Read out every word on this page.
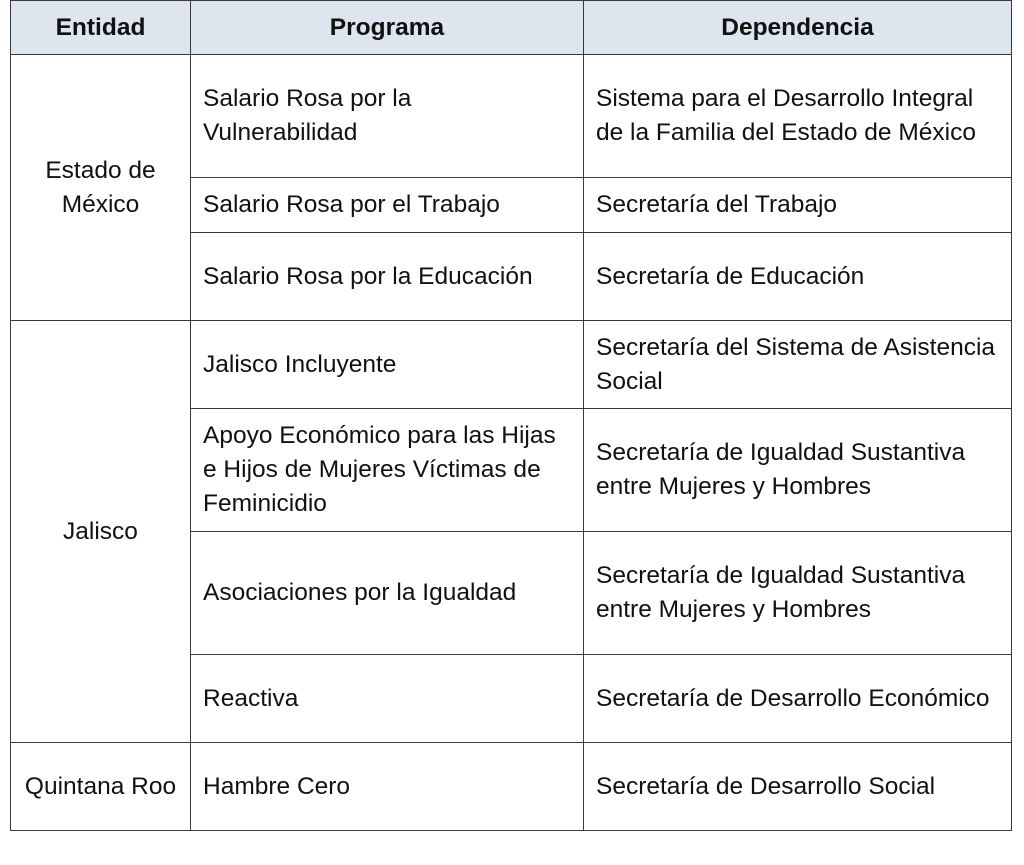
Entidad	Programa	Dependencia
Estado de México	Salario Rosa por la Vulnerabilidad	Sistema para el Desarrollo Integral de la Familia del Estado de México
	Salario Rosa por el Trabajo	Secretaría del Trabajo
	Salario Rosa por la Educación	Secretaría de Educación
Jalisco	Jalisco Incluyente	Secretaría del Sistema de Asistencia Social
	Apoyo Económico para las Hijas e Hijos de Mujeres Víctimas de Feminicidio	Secretaría de Igualdad Sustantiva entre Mujeres y Hombres
	Asociaciones por la Igualdad	Secretaría de Igualdad Sustantiva entre Mujeres y Hombres
	Reactiva	Secretaría de Desarrollo Económico
Quintana Roo	Hambre Cero	Secretaría de Desarrollo Social
